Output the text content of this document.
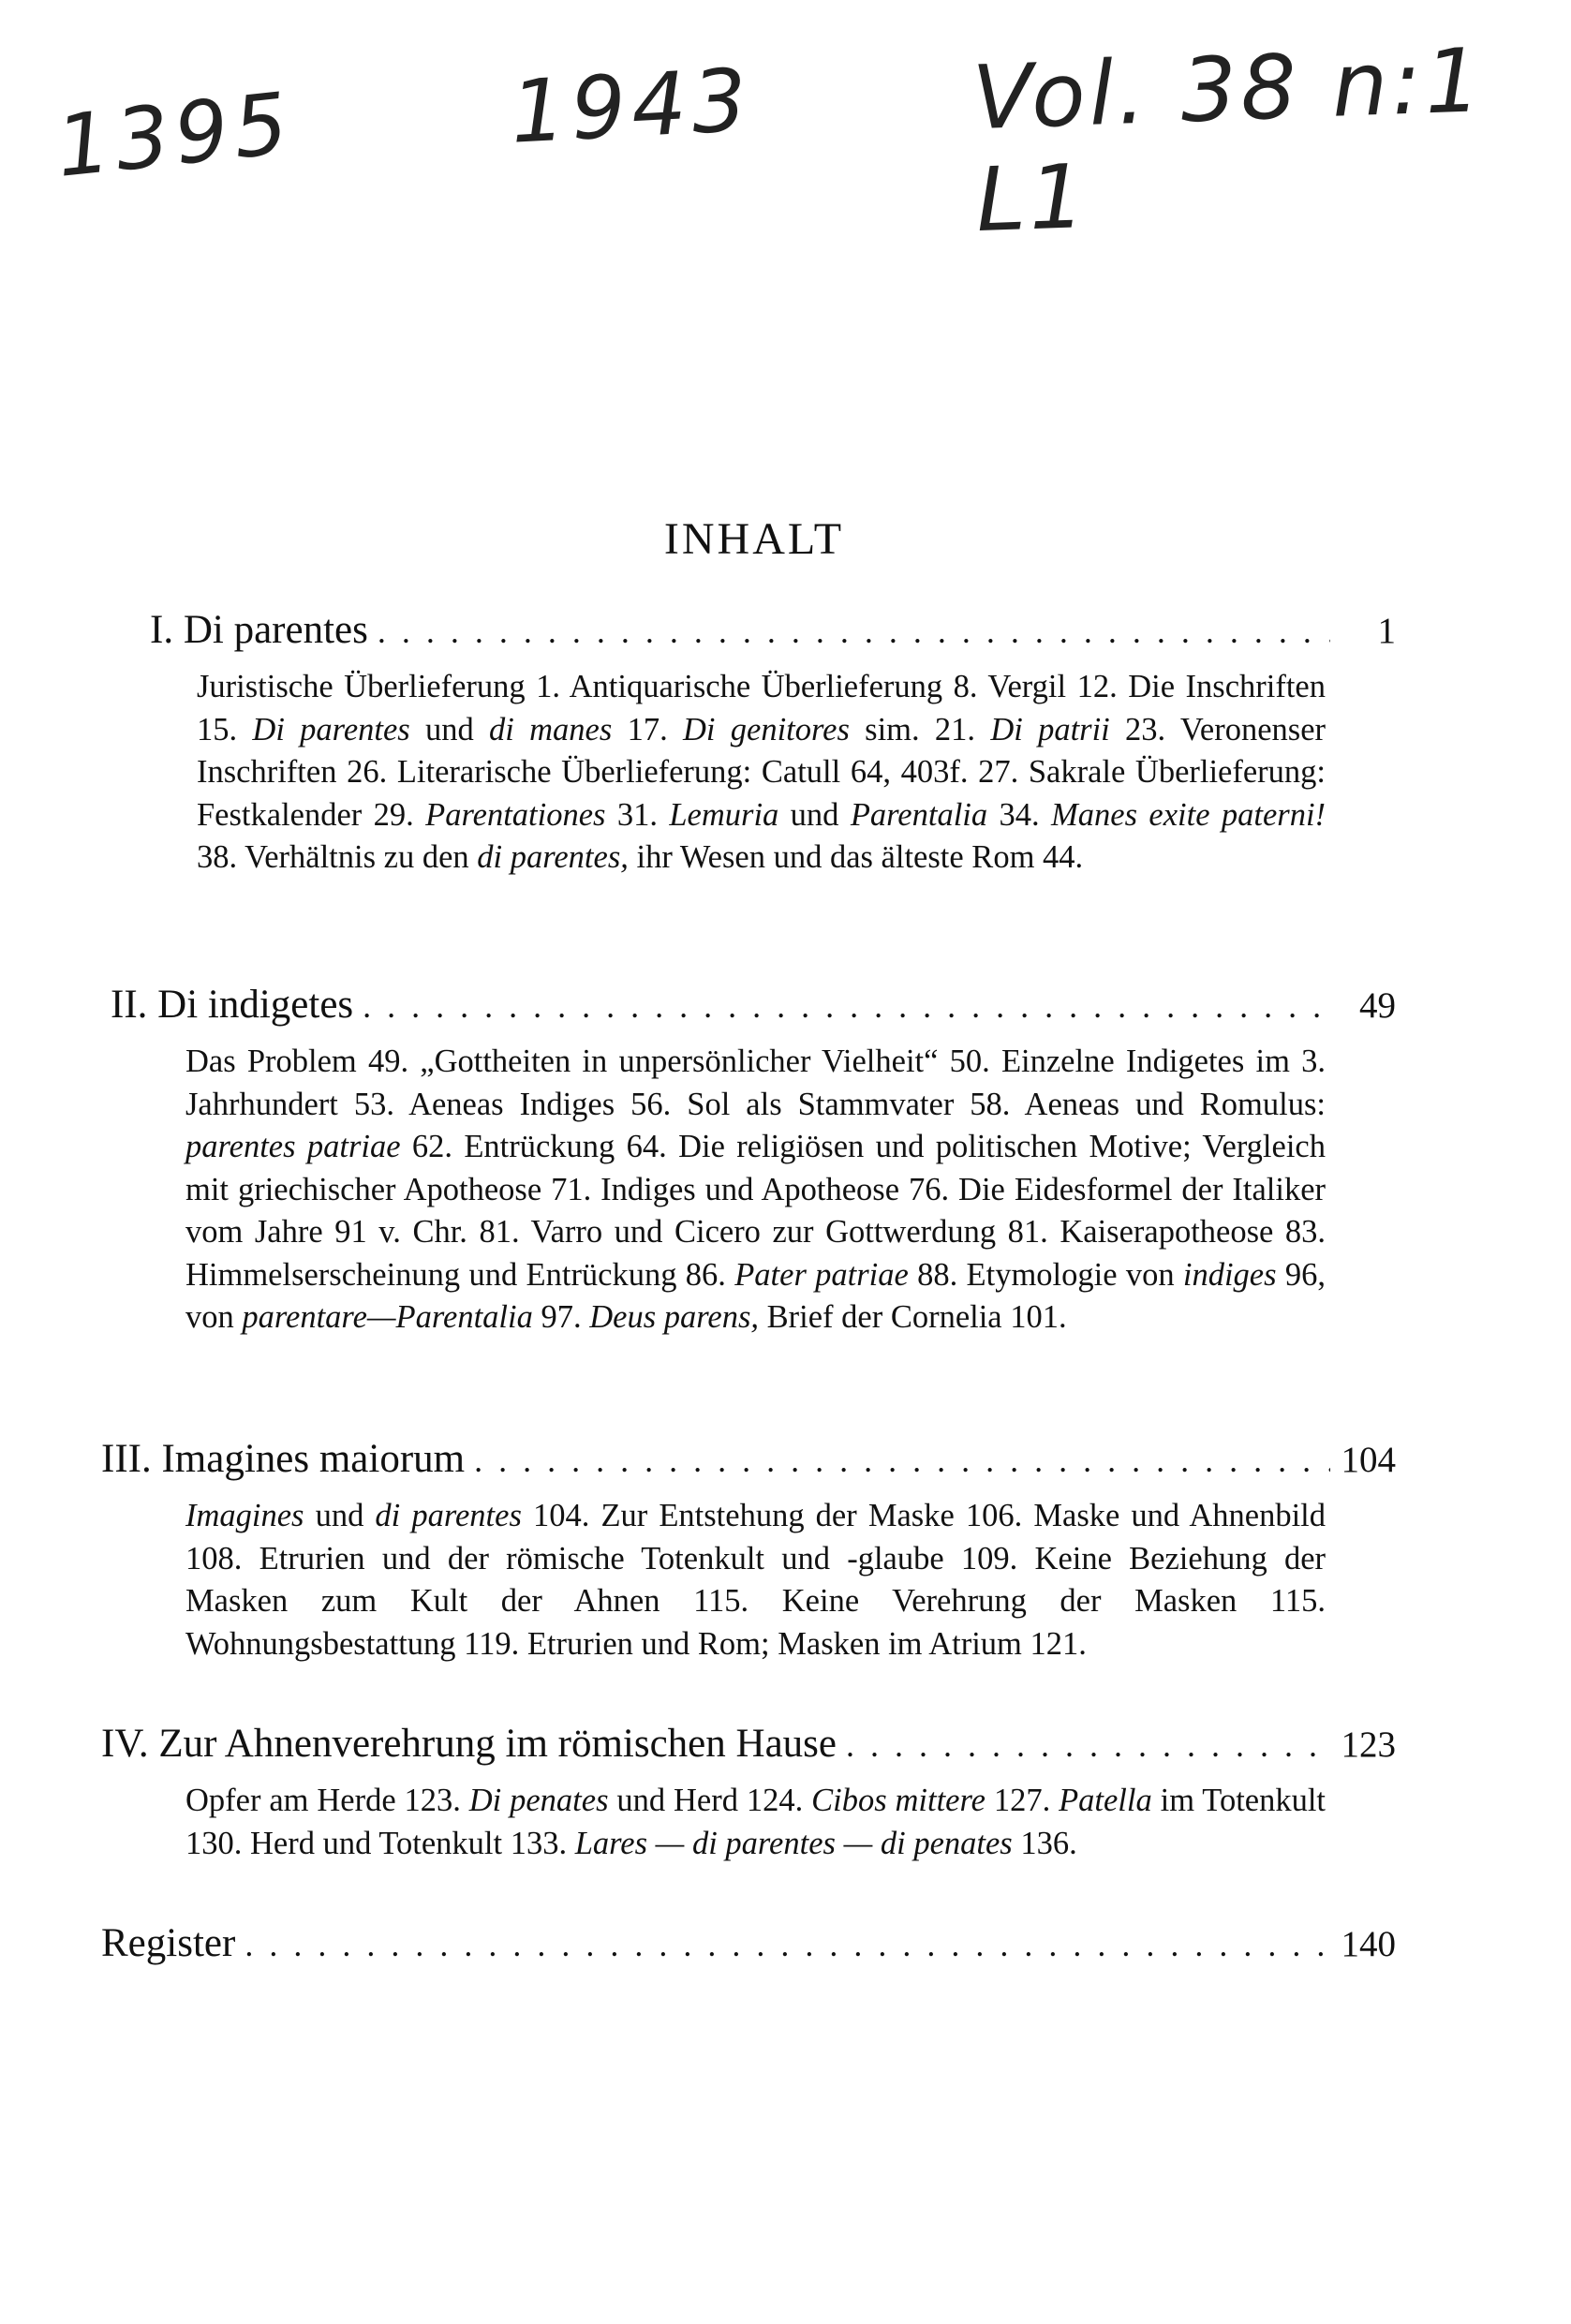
1395 1943 Vol. 38 n:1 L1
INHALT
I.
Di parentes . . .	1
Juristische Überlieferung 1. Antiquarische Überlieferung 8. Vergil 12. Die Inschriften 15. Di parentes und di manes 17. Di genitores sim. 21. Di patrii 23. Veronenser Inschriften 26. Literarische Überlieferung: Catull 64, 403f. 27. Sakrale Überlieferung: Festkalender 29. Parentationes 31. Lemuria und Parentalia 34. Manes exite paterni! 38. Verhältnis zu den di parentes, ihr Wesen und das älteste Rom 44.
II.
Di indigetes . . .	49
Das Problem 49. „Gottheiten in unpersönlicher Vielheit“ 50. Einzelne Indigetes im 3. Jahrhundert 53. Aeneas Indiges 56. Sol als Stammvater 58. Aeneas und Romulus: parentes patriae 62. Entrückung 64. Die religiösen und politischen Motive; Vergleich mit griechischer Apotheose 71. Indiges und Apotheose 76. Die Eidesformel der Italiker vom Jahre 91 v. Chr. 81. Varro und Cicero zur Gottwerdung 81. Kaiserapotheose 83. Himmelserscheinung und Entrückung 86. Pater patriae 88. Etymologie von indiges 96, von parentare—Parentalia 97. Deus parens, Brief der Cornelia 101.
III.
Imagines maiorum . . .	104
Imagines und di parentes 104. Zur Entstehung der Maske 106. Maske und Ahnenbild 108. Etrurien und der römische Totenkult und -glaube 109. Keine Beziehung der Masken zum Kult der Ahnen 115. Keine Verehrung der Masken 115. Wohnungsbestattung 119. Etrurien und Rom; Masken im Atrium 121.
IV.
Zur Ahnenverehrung im römischen Hause . . .	123
Opfer am Herde 123. Di penates und Herd 124. Cibos mittere 127. Patella im Totenkult 130. Herd und Totenkult 133. Lares — di parentes — di penates 136.
Register . . .	140
